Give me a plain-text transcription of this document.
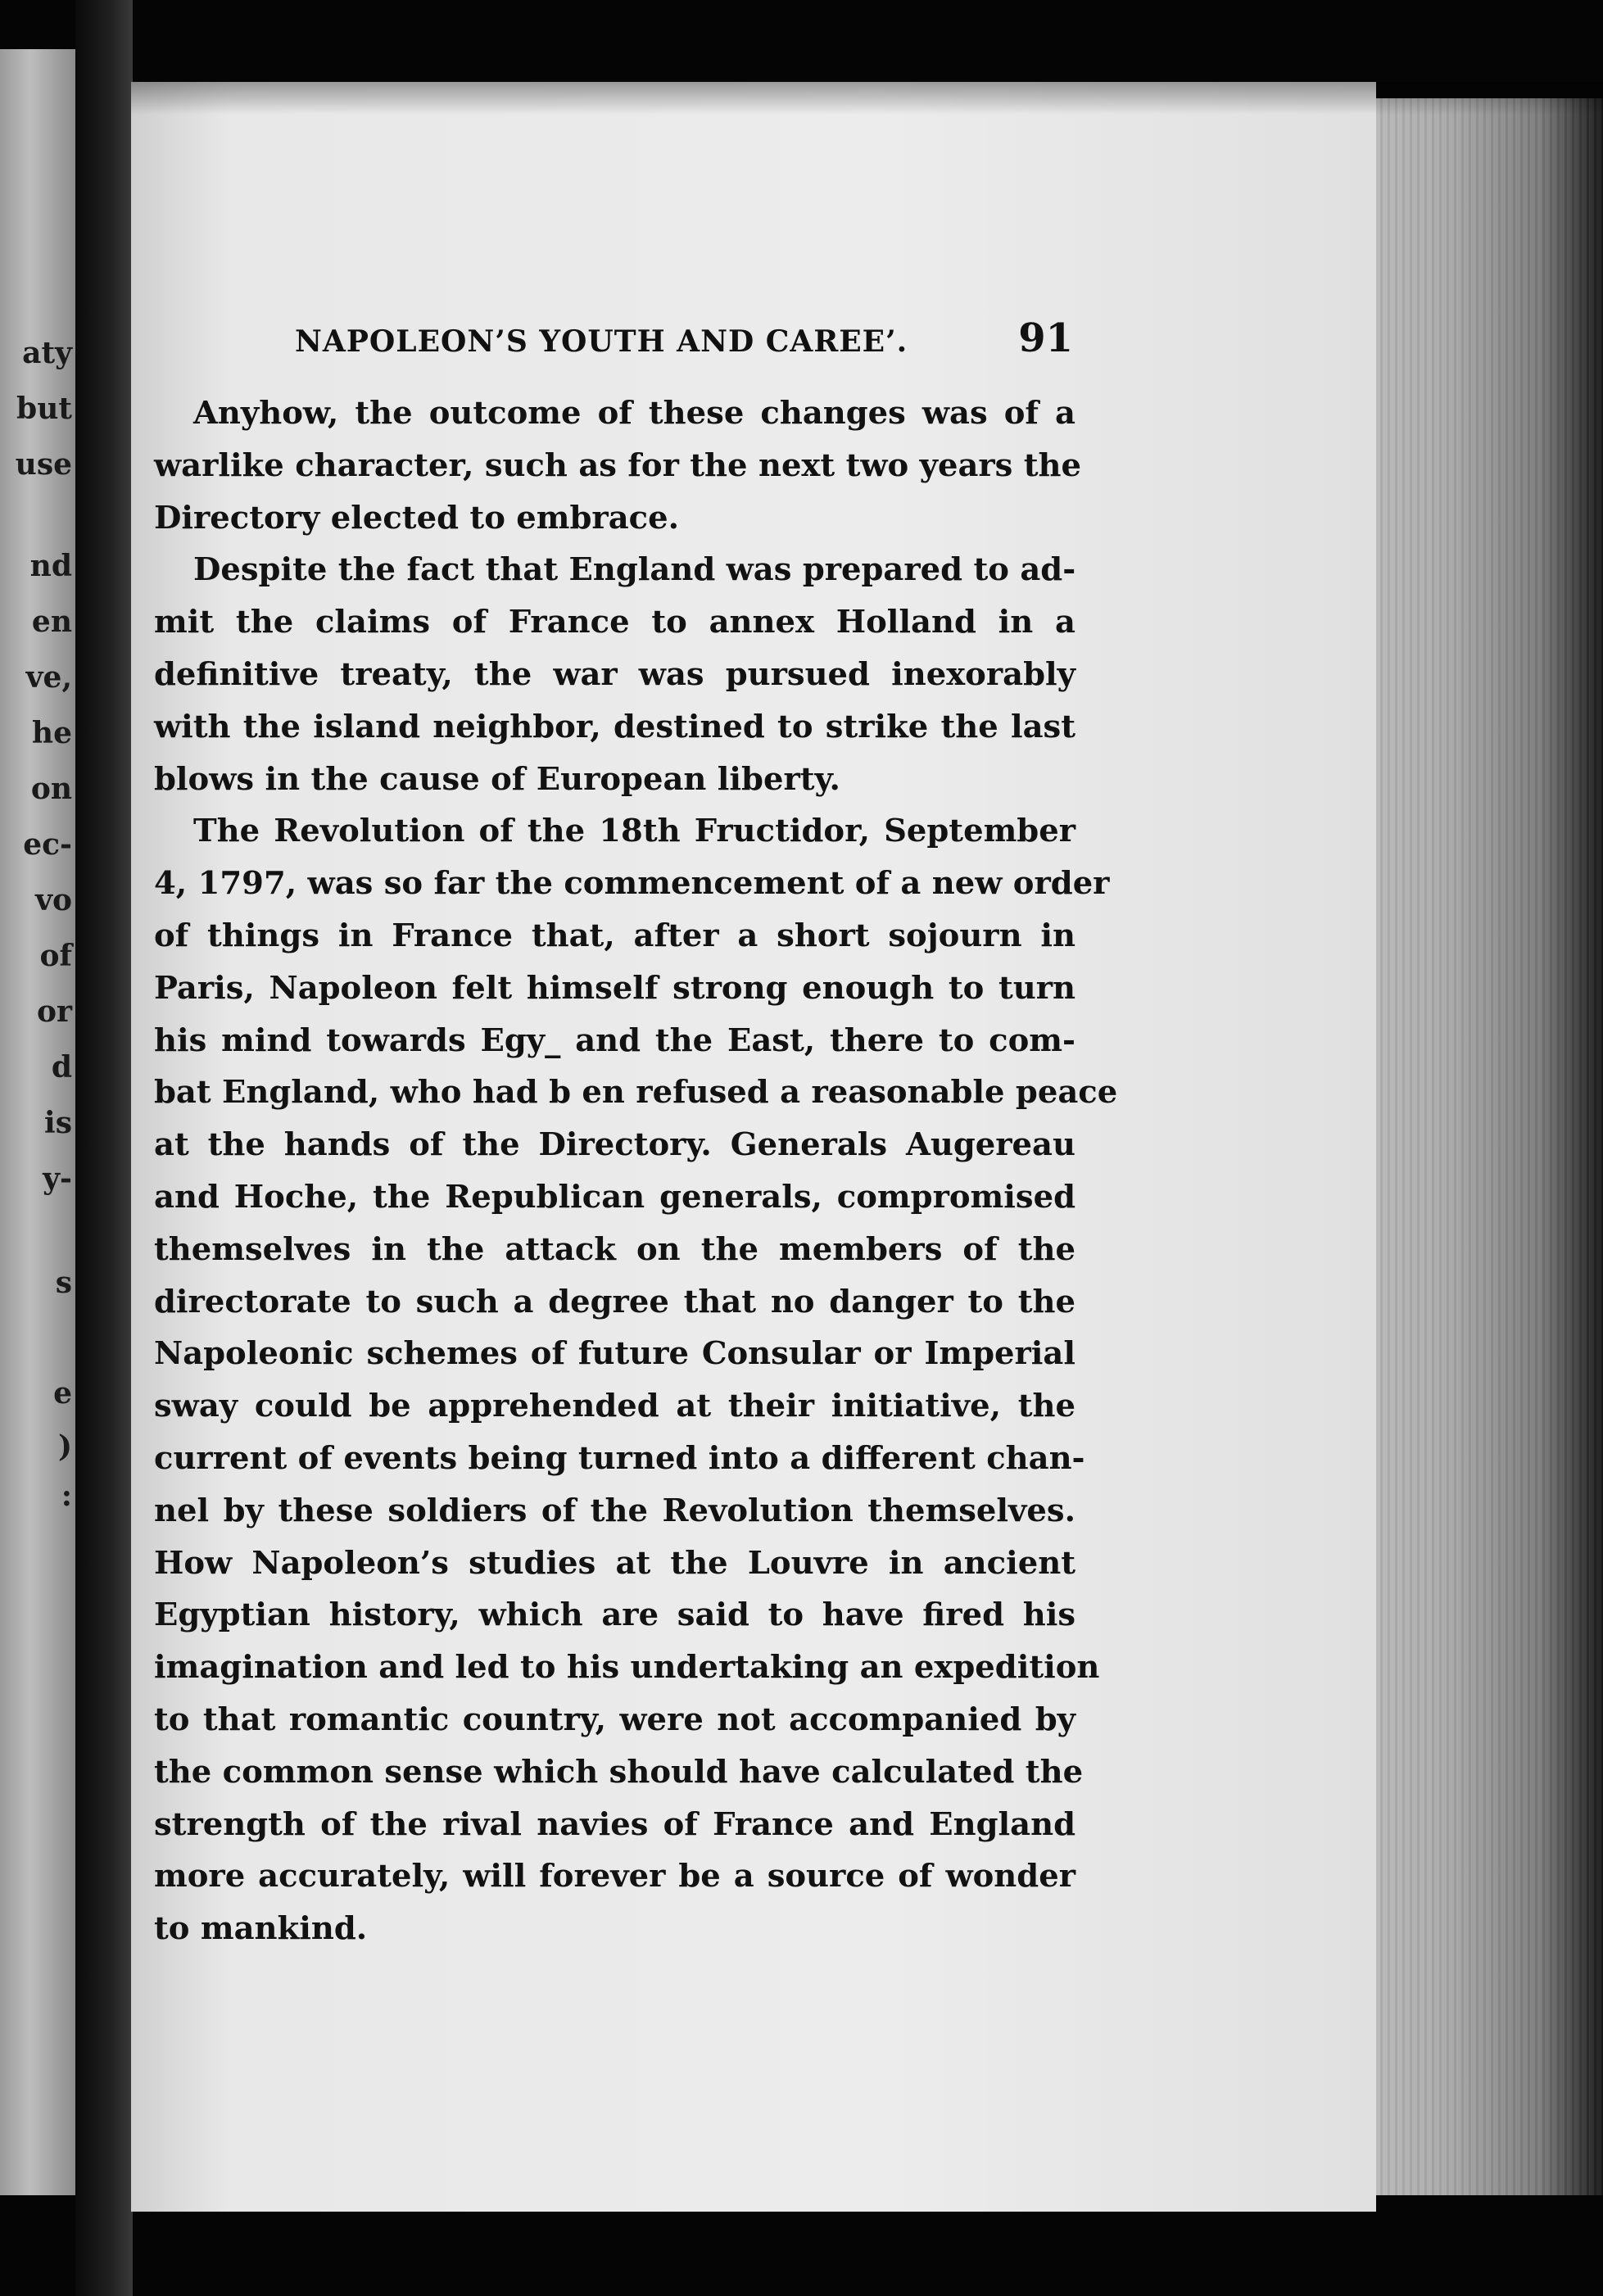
aty
but
use
nd
en
ve,
he
on
ec-
vo
of
or
d
is
y-
s
e
)
:
NAPOLEON’S YOUTH AND CAREE’.	91
Anyhow, the outcome of these changes was of a
warlike character, such as for the next two years the
Directory elected to embrace.
Despite the fact that England was prepared to ad-
mit the claims of France to annex Holland in a
definitive treaty, the war was pursued inexorably
with the island neighbor, destined to strike the last
blows in the cause of European liberty.
The Revolution of the 18th Fructidor, September
4, 1797, was so far the commencement of a new order
of things in France that, after a short sojourn in
Paris, Napoleon felt himself strong enough to turn
his mind towards Egy_ and the East, there to com-
bat England, who had b en refused a reasonable peace
at the hands of the Directory. Generals Augereau
and Hoche, the Republican generals, compromised
themselves in the attack on the members of the
directorate to such a degree that no danger to the
Napoleonic schemes of future Consular or Imperial
sway could be apprehended at their initiative, the
current of events being turned into a different chan-
nel by these soldiers of the Revolution themselves.
How Napoleon’s studies at the Louvre in ancient
Egyptian history, which are said to have fired his
imagination and led to his undertaking an expedition
to that romantic country, were not accompanied by
the common sense which should have calculated the
strength of the rival navies of France and England
more accurately, will forever be a source of wonder
to mankind.
